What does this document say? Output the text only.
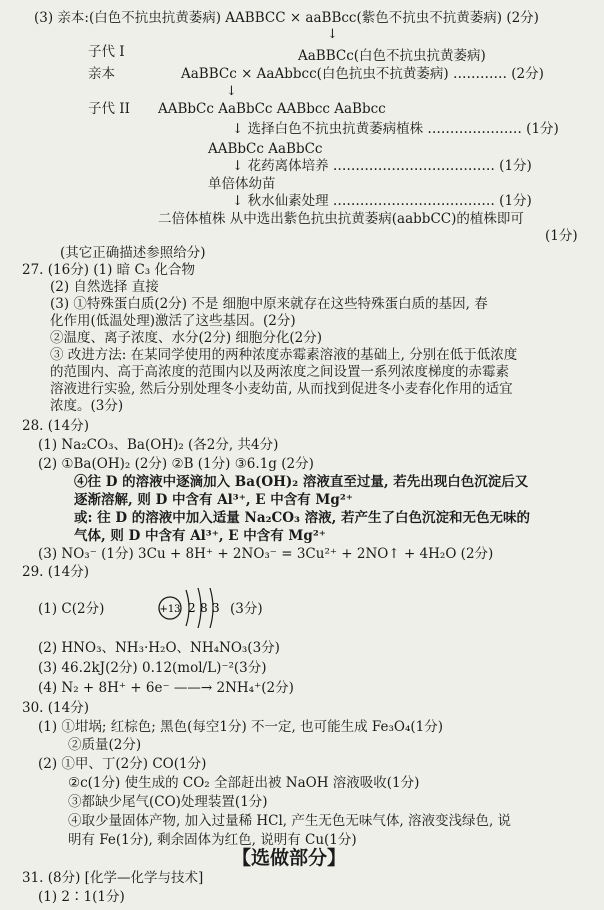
(3) 亲本:(白色不抗虫抗黄萎病) AABBCC × aaBBcc(紫色不抗虫不抗黄萎病) (2分)
↓
子代 I	AaBBCc(白色不抗虫抗黄萎病)
亲本	AaBBCc × AaAbbcc(白色抗虫不抗黄萎病) ………… (2分)
↓
子代 II AABbCc AaBbCc AABbcc AaBbcc
↓ 选择白色不抗虫抗黄萎病植株 ………………… (1分)
AABbCc AaBbCc
↓ 花药离体培养 ……………………………… (1分)
单倍体幼苗
↓ 秋水仙素处理 ……………………………… (1分)
二倍体植株 从中选出紫色抗虫抗黄萎病(aabbCC)的植株即可
(1分)
(其它正确描述参照给分)
27. (16分) (1) 暗 C₃ 化合物
(2) 自然选择 直接
(3) ①特殊蛋白质(2分) 不是 细胞中原来就存在这些特殊蛋白质的基因, 春
化作用(低温处理)激活了这些基因。(2分)
②温度、离子浓度、水分(2分) 细胞分化(2分)
③ 改进方法: 在某同学使用的两种浓度赤霉素溶液的基础上, 分别在低于低浓度
的范围内、高于高浓度的范围内以及两浓度之间设置一系列浓度梯度的赤霉素
溶液进行实验, 然后分别处理冬小麦幼苗, 从而找到促进冬小麦春化作用的适宜
浓度。(3分)
28. (14分)
(1) Na₂CO₃、Ba(OH)₂ (各2分, 共4分)
(2) ①Ba(OH)₂ (2分) ②B (1分) ③6.1g (2分)
④往 D 的溶液中逐滴加入 Ba(OH)₂ 溶液直至过量, 若先出现白色沉淀后又
逐渐溶解, 则 D 中含有 Al³⁺, E 中含有 Mg²⁺
或: 往 D 的溶液中加入适量 Na₂CO₃ 溶液, 若产生了白色沉淀和无色无味的
气体, 则 D 中含有 Al³⁺, E 中含有 Mg²⁺
(3) NO₃⁻ (1分) 3Cu + 8H⁺ + 2NO₃⁻ = 3Cu²⁺ + 2NO↑ + 4H₂O (2分)
29. (14分)
(1) C(2分)	+13 2 8 3 (3分)
(2) HNO₃、NH₃·H₂O、NH₄NO₃(3分)
(3) 46.2kJ(2分) 0.12(mol/L)⁻²(3分)
(4) N₂ + 8H⁺ + 6e⁻ ——→ 2NH₄⁺(2分)
30. (14分)
(1) ①坩埚; 红棕色; 黑色(每空1分) 不一定, 也可能生成 Fe₃O₄(1分)
②质量(2分)
(2) ①甲、丁(2分) CO(1分)
②c(1分) 使生成的 CO₂ 全部赶出被 NaOH 溶液吸收(1分)
③都缺少尾气(CO)处理装置(1分)
④取少量固体产物, 加入过量稀 HCl, 产生无色无味气体, 溶液变浅绿色, 说
明有 Fe(1分), 剩余固体为红色, 说明有 Cu(1分)
【选做部分】
31. (8分) [化学—化学与技术]
(1) 2∶1(1分)
